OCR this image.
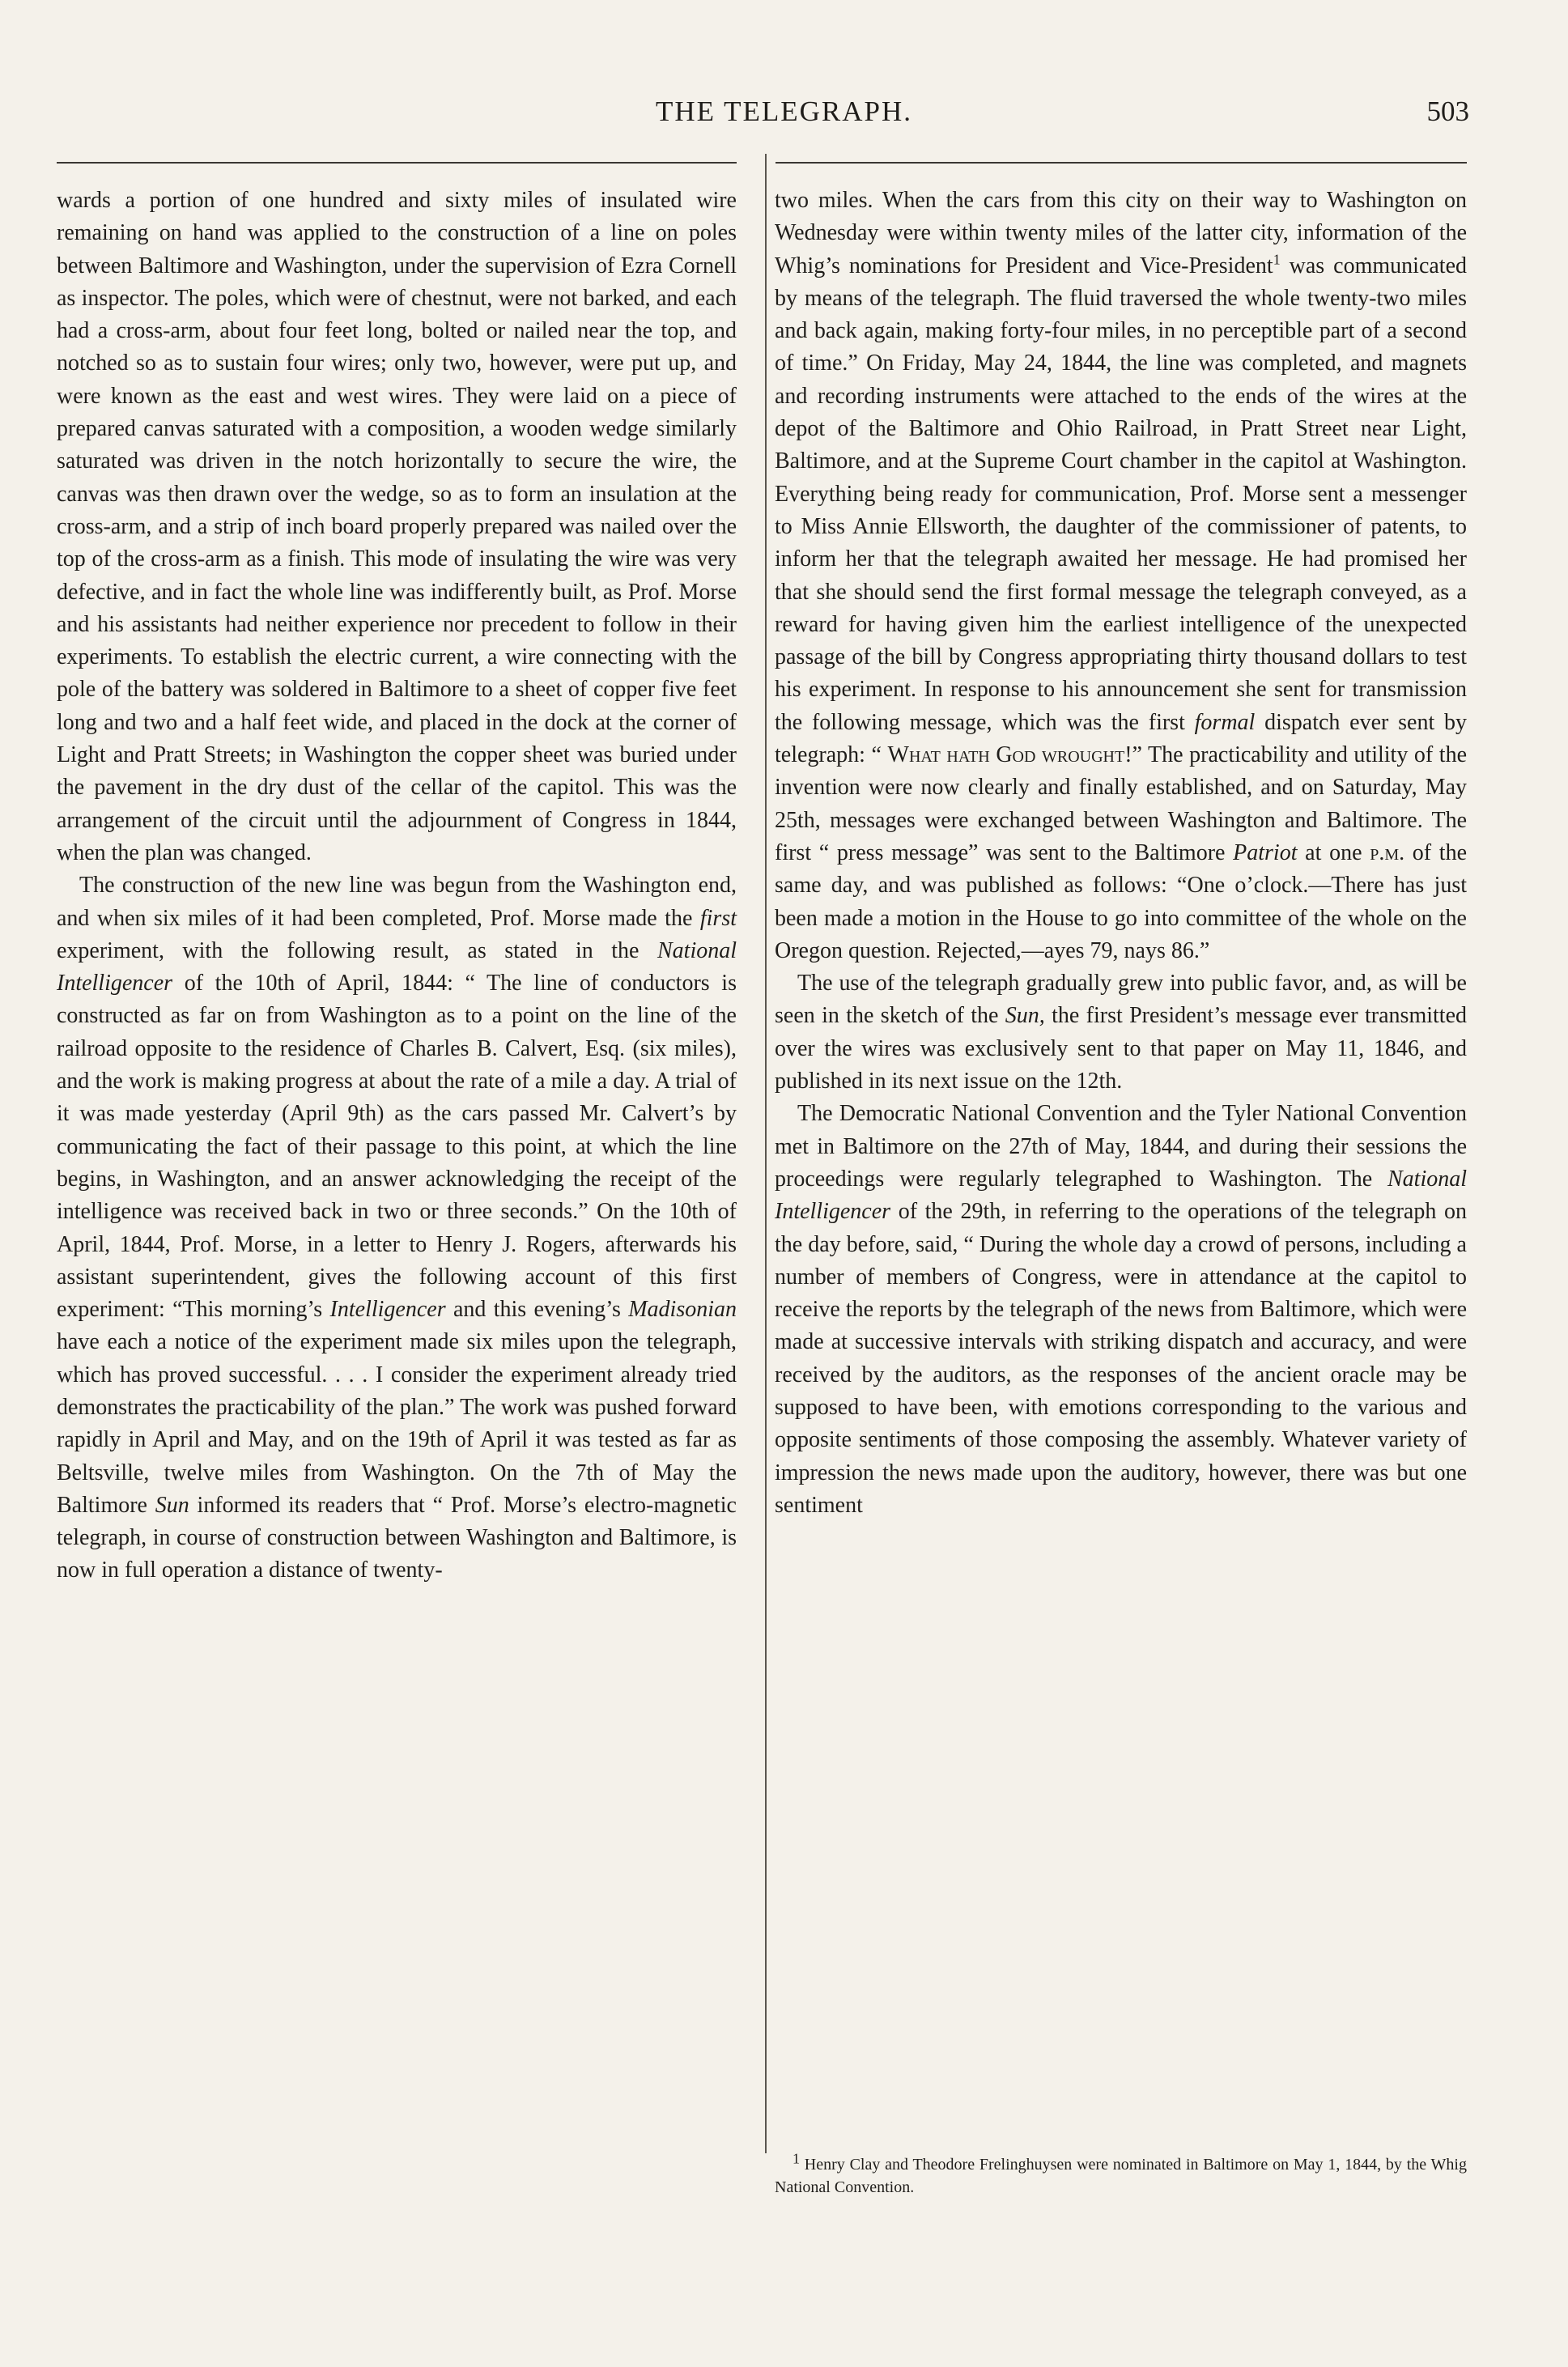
THE TELEGRAPH.	503

wards a portion of one hundred and sixty miles of insulated wire remaining on hand was applied to the construction of a line on poles between Baltimore and Washington, under the supervision of Ezra Cornell as inspector. The poles, which were of chestnut, were not barked, and each had a cross-arm, about four feet long, bolted or nailed near the top, and notched so as to sustain four wires; only two, however, were put up, and were known as the east and west wires. They were laid on a piece of prepared canvas saturated with a composition, a wooden wedge similarly saturated was driven in the notch horizontally to secure the wire, the canvas was then drawn over the wedge, so as to form an insulation at the cross-arm, and a strip of inch board properly prepared was nailed over the top of the cross-arm as a finish. This mode of insulating the wire was very defective, and in fact the whole line was indifferently built, as Prof. Morse and his assistants had neither experience nor precedent to follow in their experiments. To establish the electric current, a wire connecting with the pole of the battery was soldered in Baltimore to a sheet of copper five feet long and two and a half feet wide, and placed in the dock at the corner of Light and Pratt Streets; in Washington the copper sheet was buried under the pavement in the dry dust of the cellar of the capitol. This was the arrangement of the circuit until the adjournment of Congress in 1844, when the plan was changed.

The construction of the new line was begun from the Washington end, and when six miles of it had been completed, Prof. Morse made the first experiment, with the following result, as stated in the National Intelligencer of the 10th of April, 1844: “ The line of conductors is constructed as far on from Washington as to a point on the line of the railroad opposite to the residence of Charles B. Calvert, Esq. (six miles), and the work is making progress at about the rate of a mile a day. A trial of it was made yesterday (April 9th) as the cars passed Mr. Calvert’s by communicating the fact of their passage to this point, at which the line begins, in Washington, and an answer acknowledging the receipt of the intelligence was received back in two or three seconds.” On the 10th of April, 1844, Prof. Morse, in a letter to Henry J. Rogers, afterwards his assistant superintendent, gives the following account of this first experiment: “This morning’s Intelligencer and this evening’s Madisonian have each a notice of the experiment made six miles upon the telegraph, which has proved successful. . . . I consider the experiment already tried demonstrates the practicability of the plan.” The work was pushed forward rapidly in April and May, and on the 19th of April it was tested as far as Beltsville, twelve miles from Washington. On the 7th of May the Baltimore Sun informed its readers that “ Prof. Morse’s electro-magnetic telegraph, in course of construction between Washington and Baltimore, is now in full operation a distance of twenty-

two miles. When the cars from this city on their way to Washington on Wednesday were within twenty miles of the latter city, information of the Whig’s nominations for President and Vice-President$^1$ was communicated by means of the telegraph. The fluid traversed the whole twenty-two miles and back again, making forty-four miles, in no perceptible part of a second of time.” On Friday, May 24, 1844, the line was completed, and magnets and recording instruments were attached to the ends of the wires at the depot of the Baltimore and Ohio Railroad, in Pratt Street near Light, Baltimore, and at the Supreme Court chamber in the capitol at Washington. Everything being ready for communication, Prof. Morse sent a messenger to Miss Annie Ellsworth, the daughter of the commissioner of patents, to inform her that the telegraph awaited her message. He had promised her that she should send the first formal message the telegraph conveyed, as a reward for having given him the earliest intelligence of the unexpected passage of the bill by Congress appropriating thirty thousand dollars to test his experiment. In response to his announcement she sent for transmission the following message, which was the first formal dispatch ever sent by telegraph: “ What hath God wrought!” The practicability and utility of the invention were now clearly and finally established, and on Saturday, May 25th, messages were exchanged between Washington and Baltimore. The first “ press message” was sent to the Baltimore Patriot at one p.m. of the same day, and was published as follows: “One o’clock.—There has just been made a motion in the House to go into committee of the whole on the Oregon question. Rejected,—ayes 79, nays 86.”

The use of the telegraph gradually grew into public favor, and, as will be seen in the sketch of the Sun, the first President’s message ever transmitted over the wires was exclusively sent to that paper on May 11, 1846, and published in its next issue on the 12th.

The Democratic National Convention and the Tyler National Convention met in Baltimore on the 27th of May, 1844, and during their sessions the proceedings were regularly telegraphed to Washington. The National Intelligencer of the 29th, in referring to the operations of the telegraph on the day before, said, “ During the whole day a crowd of persons, including a number of members of Congress, were in attendance at the capitol to receive the reports by the telegraph of the news from Baltimore, which were made at successive intervals with striking dispatch and accuracy, and were received by the auditors, as the responses of the ancient oracle may be supposed to have been, with emotions corresponding to the various and opposite sentiments of those composing the assembly. Whatever variety of impression the news made upon the auditory, however, there was but one sentiment

$^1$ Henry Clay and Theodore Frelinghuysen were nominated in Baltimore on May 1, 1844, by the Whig National Convention.
